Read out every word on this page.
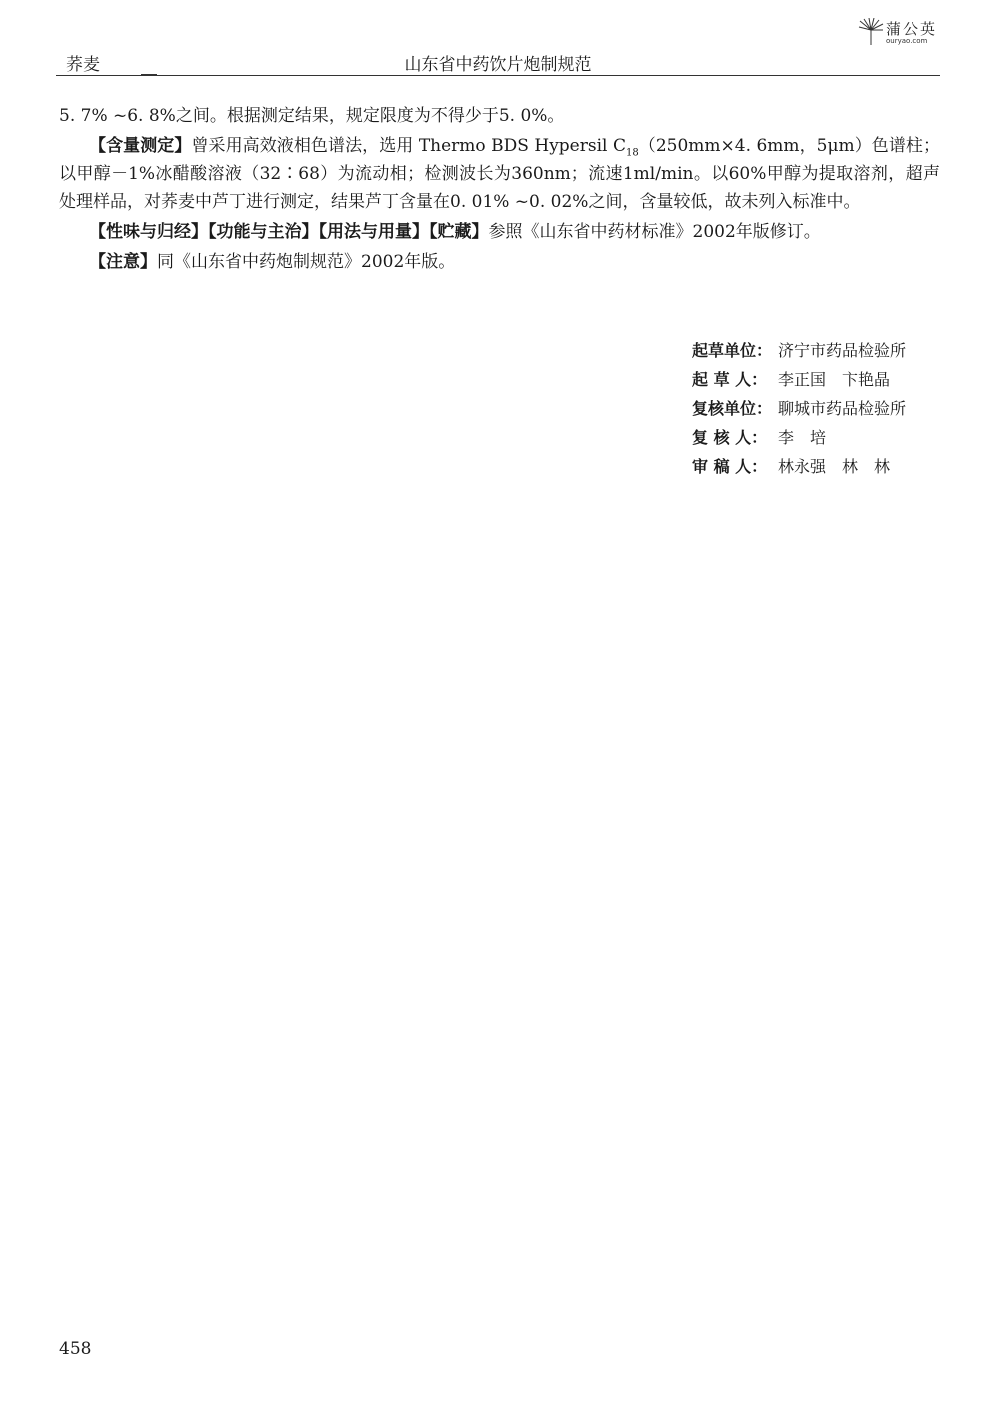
蒲公英
ouryao.com
荞麦	山东省中药饮片炮制规范

5. 7% ~6. 8%之间。根据测定结果，规定限度为不得少于5. 0%。

【含量测定】曾采用高效液相色谱法，选用 Thermo BDS Hypersil $C_{18}(250mm\times 4$. 6mm，5μm）色谱柱；以甲醇－1%冰醋酸溶液（32∶68）为流动相；检测波长为360nm；流速1ml/min。以60%甲醇为提取溶剂，超声处理样品，对荞麦中芦丁进行测定，结果芦丁含量在0. 01% ~0. 02%之间，含量较低，故未列入标准中。

【性味与归经】【功能与主治】【用法与用量】【贮藏】参照《山东省中药材标准》2002年版修订。

【注意】同《山东省中药炮制规范》2002年版。

起草单位： 济宁市药品检验所
起 草 人： 李正国　卞艳晶
复核单位： 聊城市药品检验所
复 核 人： 李　培
审 稿 人： 林永强　林　林
458
